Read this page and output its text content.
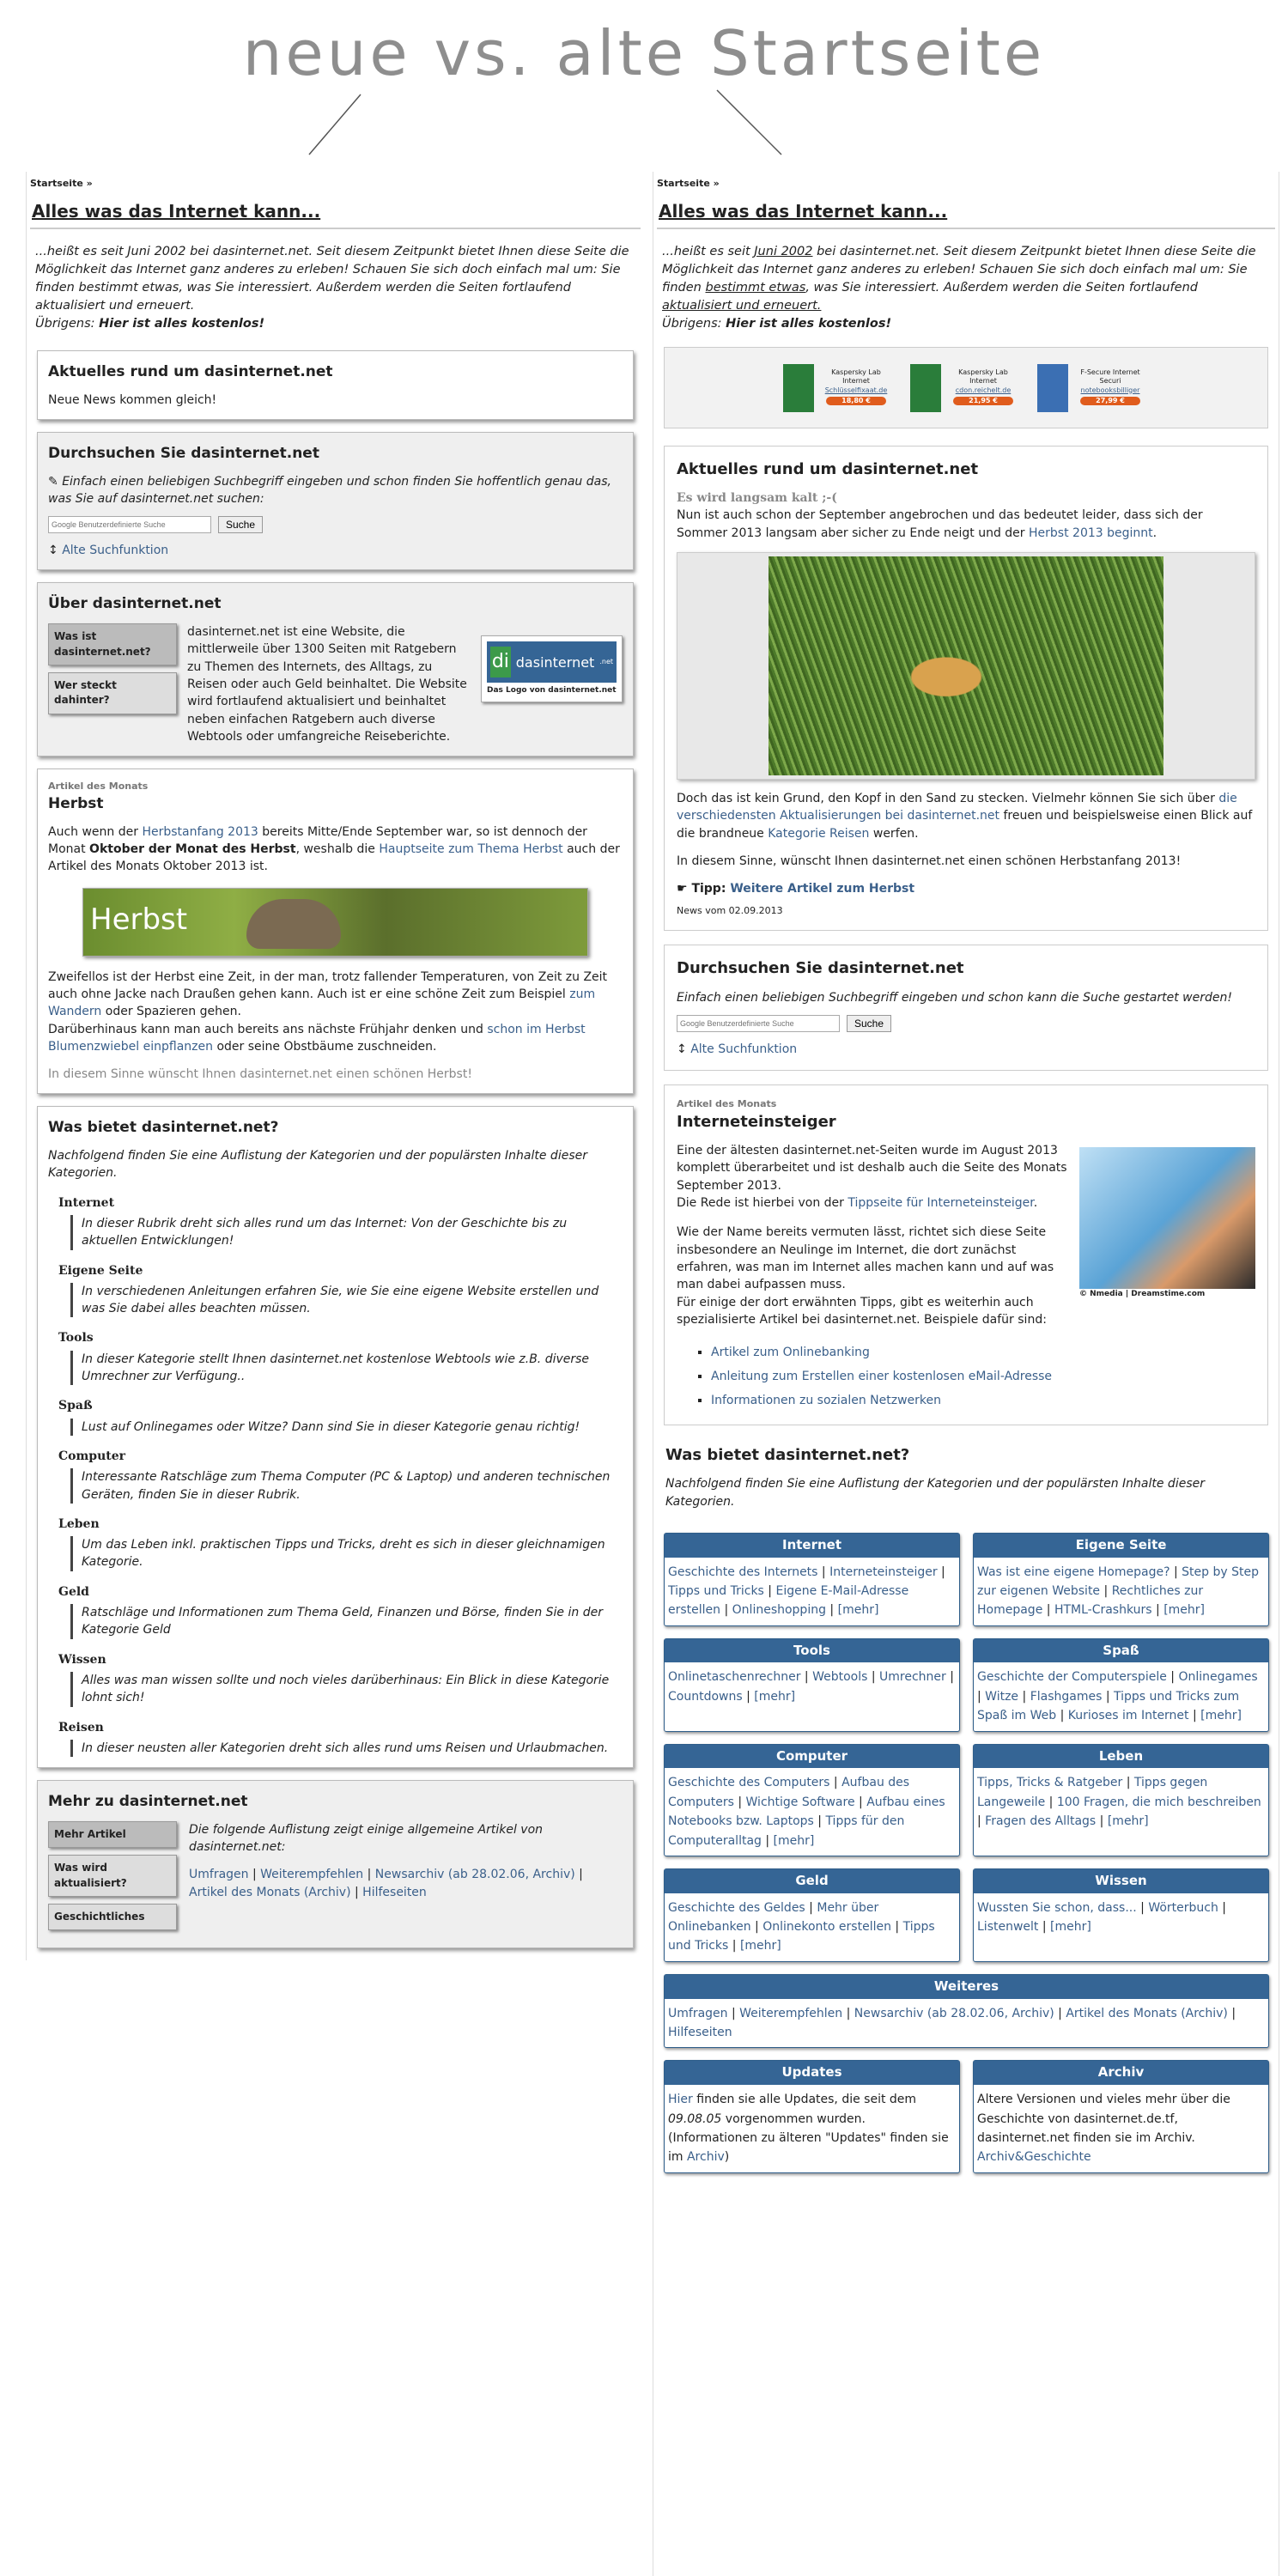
neue vs. alte Startseite
Startseite »
Alles was das Internet kann...
...heißt es seit Juni 2002 bei dasinternet.net. Seit diesem Zeitpunkt bietet Ihnen diese Seite die Möglichkeit das Internet ganz anderes zu erleben! Schauen Sie sich doch einfach mal um: Sie finden bestimmt etwas, was Sie interessiert. Außerdem werden die Seiten fortlaufend aktualisiert und erneuert.
Übrigens: Hier ist alles kostenlos!
Aktuelles rund um dasinternet.net
Neue News kommen gleich!
Durchsuchen Sie dasinternet.net
✎ Einfach einen beliebigen Suchbegriff eingeben und schon finden Sie hoffentlich genau das, was Sie auf dasinternet.net suchen:
Google Benutzerdefinierte Suche
Suche
↕ Alte Suchfunktion
Über dasinternet.net
Was ist dasinternet.net?
Wer steckt dahinter?
dasinternet.net ist eine Website, die mittlerweile über 1300 Seiten mit Ratgebern zu Themen des Internets, des Alltags, zu Reisen oder auch Geld beinhaltet. Die Website wird fortlaufend aktualisiert und beinhaltet neben einfachen Ratgebern auch diverse Webtools oder umfangreiche Reiseberichte.
di dasinternet .net
Das Logo von dasinternet.net
Artikel des Monats
Herbst

Auch wenn der Herbstanfang 2013 bereits Mitte/Ende September war, so ist dennoch der Monat Oktober der Monat des Herbst, weshalb die Hauptseite zum Thema Herbst auch der Artikel des Monats Oktober 2013 ist.

Herbst

Zweifellos ist der Herbst eine Zeit, in der man, trotz fallender Temperaturen, von Zeit zu Zeit auch ohne Jacke nach Draußen gehen kann. Auch ist er eine schöne Zeit zum Beispiel zum Wandern oder Spazieren gehen.
Darüberhinaus kann man auch bereits ans nächste Frühjahr denken und schon im Herbst Blumenzwiebel einpflanzen oder seine Obstbäume zuschneiden.

In diesem Sinne wünscht Ihnen dasinternet.net einen schönen Herbst!

Was bietet dasinternet.net?
Nachfolgend finden Sie eine Auflistung der Kategorien und der populärsten Inhalte dieser Kategorien.
Internet
In dieser Rubrik dreht sich alles rund um das Internet: Von der Geschichte bis zu aktuellen Entwicklungen!
Eigene Seite
In verschiedenen Anleitungen erfahren Sie, wie Sie eine eigene Website erstellen und was Sie dabei alles beachten müssen.
Tools
In dieser Kategorie stellt Ihnen dasinternet.net kostenlose Webtools wie z.B. diverse Umrechner zur Verfügung..
Spaß
Lust auf Onlinegames oder Witze? Dann sind Sie in dieser Kategorie genau richtig!
Computer
Interessante Ratschläge zum Thema Computer (PC & Laptop) und anderen technischen Geräten, finden Sie in dieser Rubrik.
Leben
Um das Leben inkl. praktischen Tipps und Tricks, dreht es sich in dieser gleichnamigen Kategorie.
Geld
Ratschläge und Informationen zum Thema Geld, Finanzen und Börse, finden Sie in der Kategorie Geld
Wissen
Alles was man wissen sollte und noch vieles darüberhinaus: Ein Blick in diese Kategorie lohnt sich!
Reisen
In dieser neusten aller Kategorien dreht sich alles rund ums Reisen und Urlaubmachen.
Mehr zu dasinternet.net
Mehr Artikel
Was wird aktualisiert?
Geschichtliches
Die folgende Auflistung zeigt einige allgemeine Artikel von dasinternet.net:
Umfragen | Weiterempfehlen | Newsarchiv (ab 28.02.06, Archiv) | Artikel des Monats (Archiv) | Hilfeseiten
Startseite »
Alles was das Internet kann...
...heißt es seit Juni 2002 bei dasinternet.net. Seit diesem Zeitpunkt bietet Ihnen diese Seite die Möglichkeit das Internet ganz anderes zu erleben! Schauen Sie sich doch einfach mal um: Sie finden bestimmt etwas, was Sie interessiert. Außerdem werden die Seiten fortlaufend aktualisiert und erneuert.
Übrigens: Hier ist alles kostenlos!
Kaspersky Lab
Internet
Schlüsselfixaat.de
18,80 €
Kaspersky Lab
Internet
cdon.reichelt.de
21,95 €
F-Secure Internet
Securi
notebooksbilliger
27,99 €
Aktuelles rund um dasinternet.net
Es wird langsam kalt ;-(

Nun ist auch schon der September angebrochen und das bedeutet leider, dass sich der Sommer 2013 langsam aber sicher zu Ende neigt und der Herbst 2013 beginnt.

Doch das ist kein Grund, den Kopf in den Sand zu stecken. Vielmehr können Sie sich über die verschiedensten Aktualisierungen bei dasinternet.net freuen und beispielsweise einen Blick auf die brandneue Kategorie Reisen werfen.

In diesem Sinne, wünscht Ihnen dasinternet.net einen schönen Herbstanfang 2013!

☛ Tipp: Weitere Artikel zum Herbst

News vom 02.09.2013

Durchsuchen Sie dasinternet.net
Einfach einen beliebigen Suchbegriff eingeben und schon kann die Suche gestartet werden!
Google Benutzerdefinierte Suche
Suche
↕ Alte Suchfunktion
Artikel des Monats
Interneteinsteiger
© Nmedia | Dreamstime.com

Eine der ältesten dasinternet.net-Seiten wurde im August 2013 komplett überarbeitet und ist deshalb auch die Seite des Monats September 2013.

Die Rede ist hierbei von der Tippseite für Interneteinsteiger.

Wie der Name bereits vermuten lässt, richtet sich diese Seite insbesondere an Neulinge im Internet, die dort zunächst erfahren, was man im Internet alles machen kann und auf was man dabei aufpassen muss.

Für einige der dort erwähnten Tipps, gibt es weiterhin auch spezialisierte Artikel bei dasinternet.net. Beispiele dafür sind:

▪ Artikel zum Onlinebanking
▪ Anleitung zum Erstellen einer kostenlosen eMail-Adresse
▪ Informationen zu sozialen Netzwerken
Was bietet dasinternet.net?
Nachfolgend finden Sie eine Auflistung der Kategorien und der populärsten Inhalte dieser Kategorien.
Internet
Geschichte des Internets | Interneteinsteiger | Tipps und Tricks | Eigene E-Mail-Adresse erstellen | Onlineshopping | [mehr]
Eigene Seite
Was ist eine eigene Homepage? | Step by Step zur eigenen Website | Rechtliches zur Homepage | HTML-Crashkurs | [mehr]
Tools
Onlinetaschenrechner | Webtools | Umrechner | Countdowns | [mehr]
Spaß
Geschichte der Computerspiele | Onlinegames | Witze | Flashgames | Tipps und Tricks zum Spaß im Web | Kurioses im Internet | [mehr]
Computer
Geschichte des Computers | Aufbau des Computers | Wichtige Software | Aufbau eines Notebooks bzw. Laptops | Tipps für den Computeralltag | [mehr]
Leben
Tipps, Tricks & Ratgeber | Tipps gegen Langeweile | 100 Fragen, die mich beschreiben | Fragen des Alltags | [mehr]
Geld
Geschichte des Geldes | Mehr über Onlinebanken | Onlinekonto erstellen | Tipps und Tricks | [mehr]
Wissen
Wussten Sie schon, dass... | Wörterbuch | Listenwelt | [mehr]
Weiteres
Umfragen | Weiterempfehlen | Newsarchiv (ab 28.02.06, Archiv) | Artikel des Monats (Archiv) | Hilfeseiten
Updates
Hier finden sie alle Updates, die seit dem 09.08.05 vorgenommen wurden. (Informationen zu älteren "Updates" finden sie im Archiv)
Archiv
Altere Versionen und vieles mehr über die Geschichte von dasinternet.de.tf, dasinternet.net finden sie im Archiv.
Archiv&Geschichte
